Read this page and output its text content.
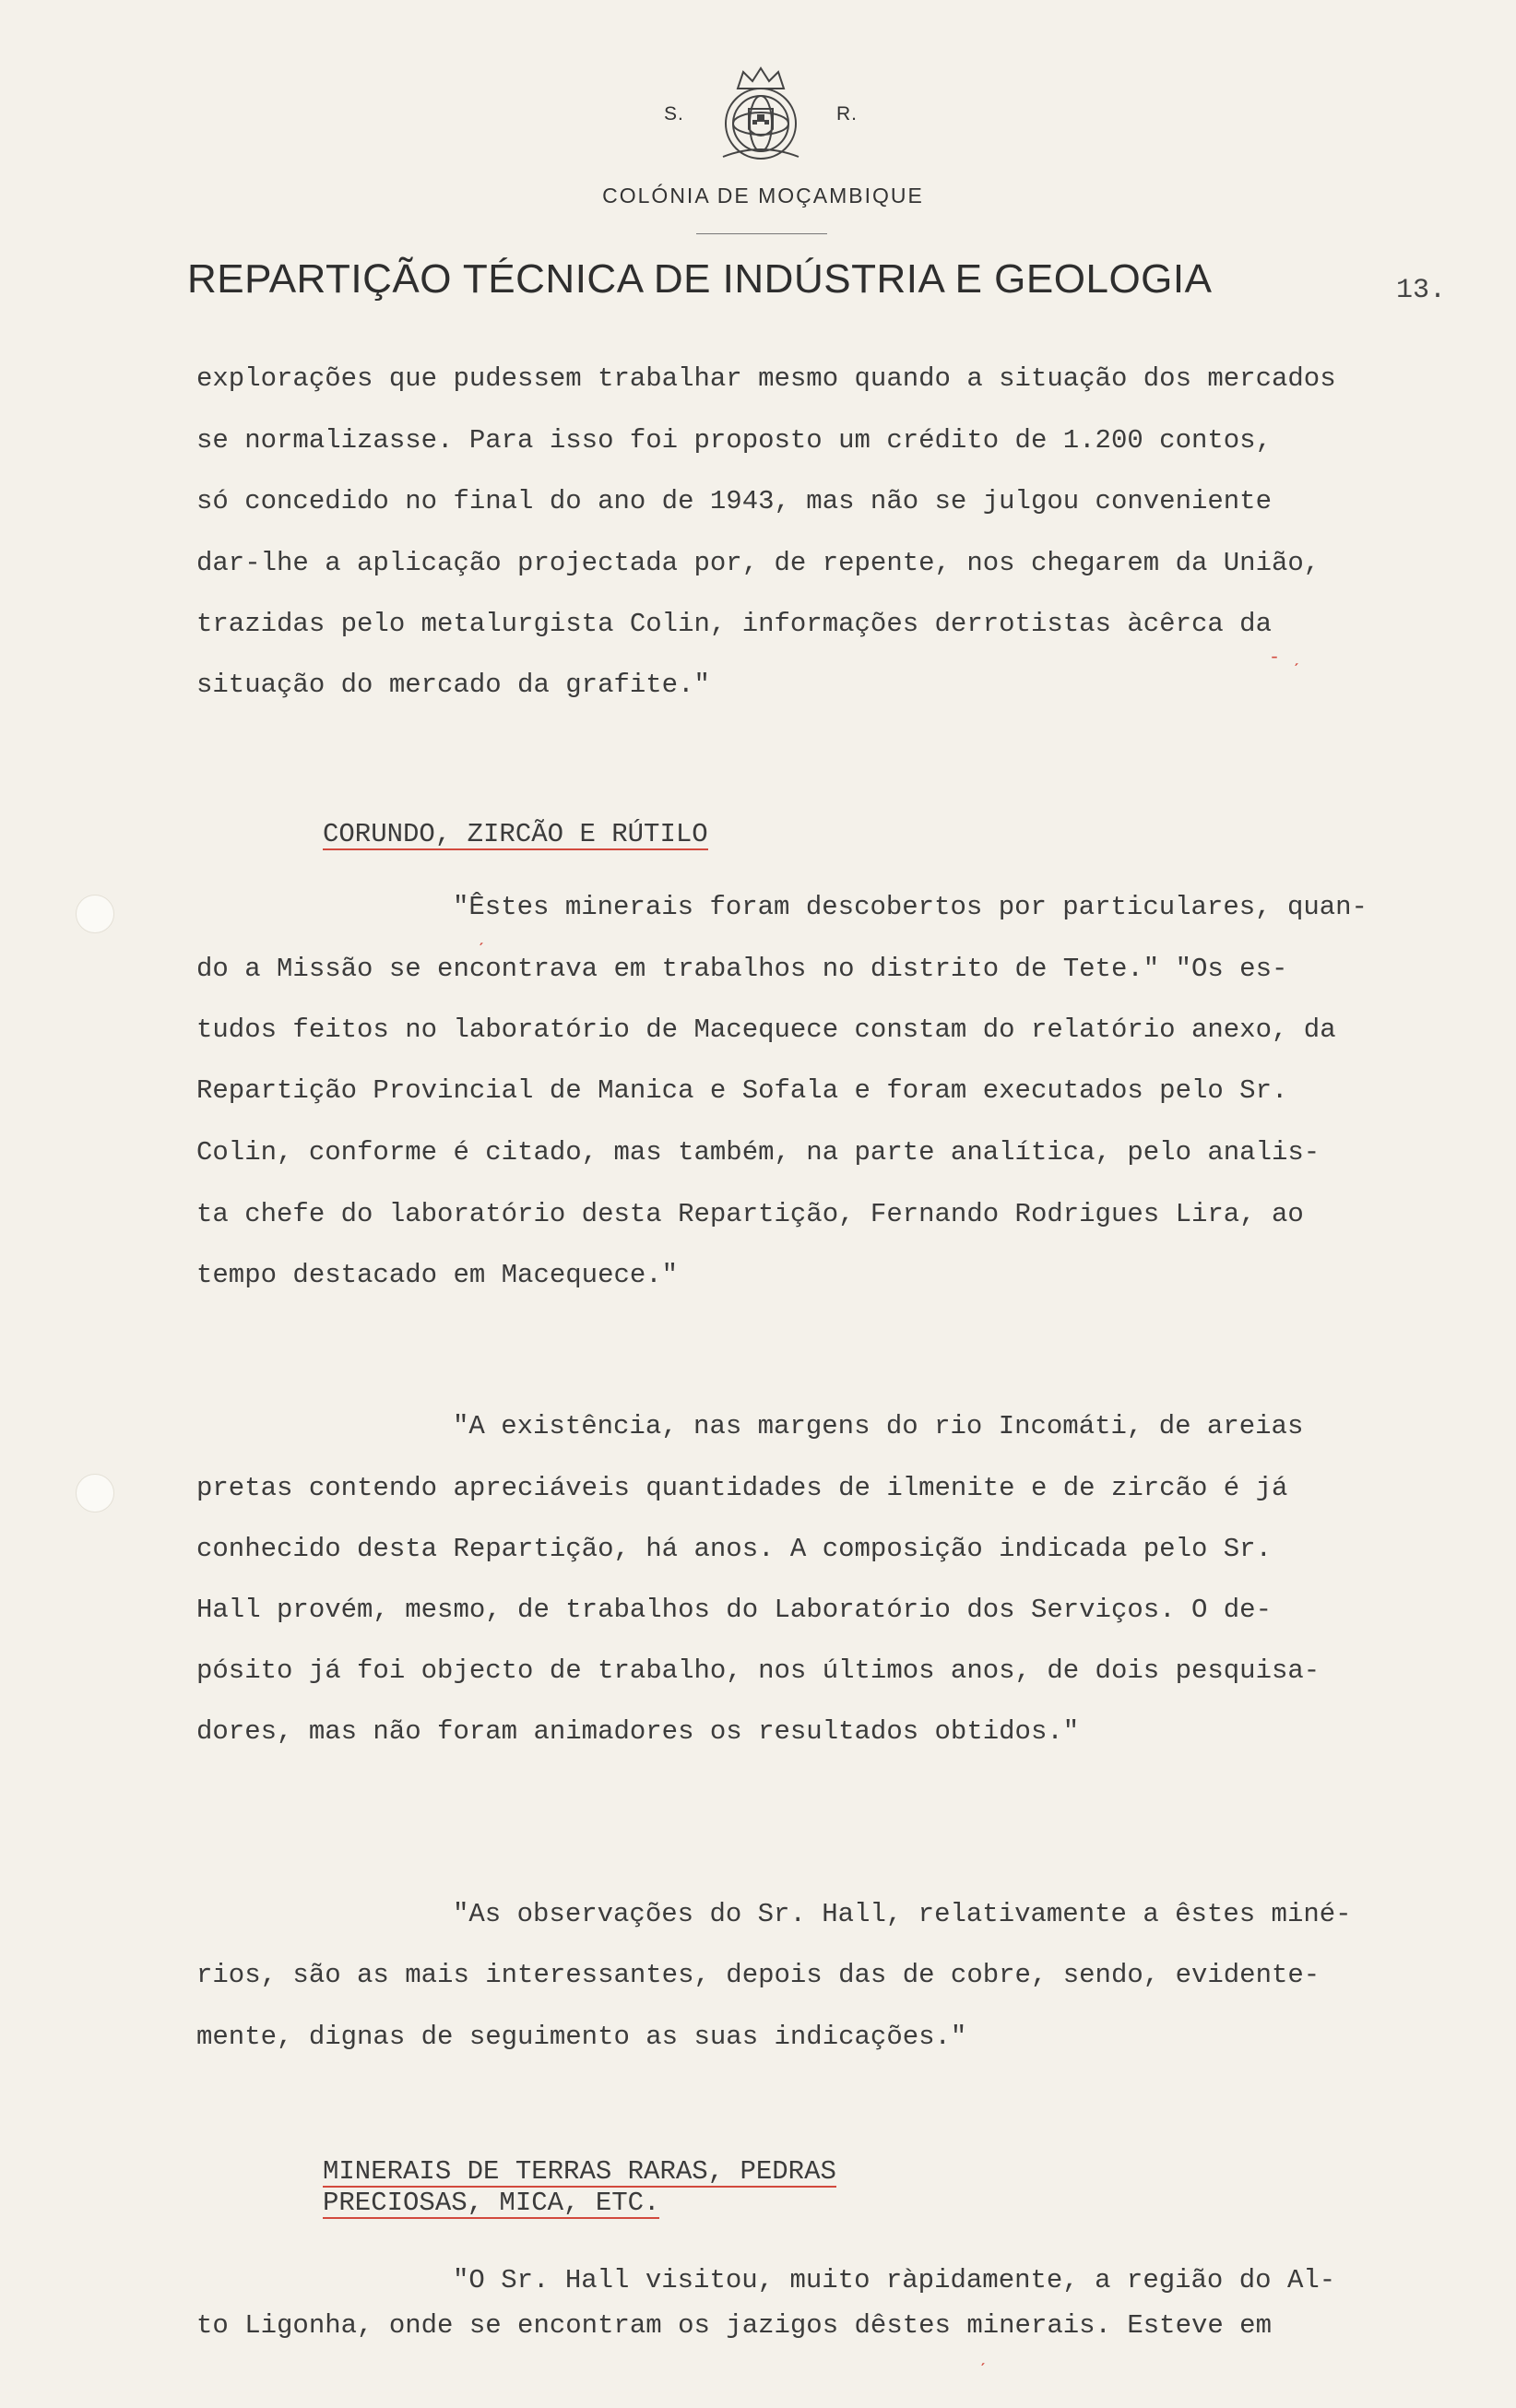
S.	R.
COLÓNIA DE MOÇAMBIQUE
REPARTIÇÃO TÉCNICA DE INDÚSTRIA E GEOLOGIA	13.
explorações que pudessem trabalhar mesmo quando a situação dos mercados
se normalizasse. Para isso foi proposto um crédito de 1.200 contos,
só concedido no final do ano de 1943, mas não se julgou conveniente
dar-lhe a aplicação projectada por, de repente, nos chegarem da União,
trazidas pelo metalurgista Colin, informações derrotistas àcêrca da
situação do mercado da grafite."
CORUNDO, ZIRCÃO E RÚTILO
"Êstes minerais foram descobertos por particulares, quan-
do a Missão se encontrava em trabalhos no distrito de Tete." "Os es-
tudos feitos no laboratório de Macequece constam do relatório anexo, da
Repartição Provincial de Manica e Sofala e foram executados pelo Sr.
Colin, conforme é citado, mas também, na parte analítica, pelo analis-
ta chefe do laboratório desta Repartição, Fernando Rodrigues Lira, ao
tempo destacado em Macequece."
"A existência, nas margens do rio Incomáti, de areias
pretas contendo apreciáveis quantidades de ilmenite e de zircão é já
conhecido desta Repartição, há anos. A composição indicada pelo Sr.
Hall provém, mesmo, de trabalhos do Laboratório dos Serviços. O de-
pósito já foi objecto de trabalho, nos últimos anos, de dois pesquisa-
dores, mas não foram animadores os resultados obtidos."
"As observações do Sr. Hall, relativamente a êstes miné-
rios, são as mais interessantes, depois das de cobre, sendo, evidente-
mente, dignas de seguimento as suas indicações."
MINERAIS DE TERRAS RARAS, PEDRAS
PRECIOSAS, MICA, ETC.
"O Sr. Hall visitou, muito ràpidamente, a região do Al-
to Ligonha, onde se encontram os jazigos dêstes minerais. Esteve em
‐ ˏ
ˏ
ˏ
